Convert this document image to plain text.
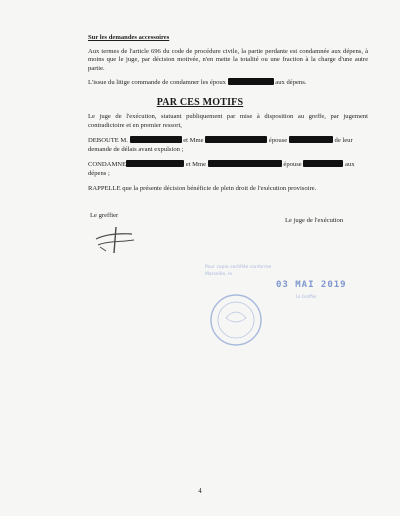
Sur les demandes accessoires
Aux termes de l'article 696 du code de procédure civile, la partie perdante est condamnée aux dépens, à moins que le juge, par décision motivée, n'en mette la totalité ou une fraction à la charge d'une autre partie.
L'issue du litige commande de condamner les époux	aux dépens.
PAR CES MOTIFS
Le juge de l'exécution, statuant publiquement par mise à disposition au greffe, par jugement contradictoire et en premier ressort,
DEBOUTE M.	et Mme	épouse	de leur demande de délais avant expulsion ;
CONDAMNE	et Mme	épouse	aux dépens ;
RAPPELLE que la présente décision bénéficie de plein droit de l'exécution provisoire.
Le greffier
Le juge de l'exécution
Pour copie certifiée conforme
Marseille, le
03 MAI 2019
Le Greffier
4
